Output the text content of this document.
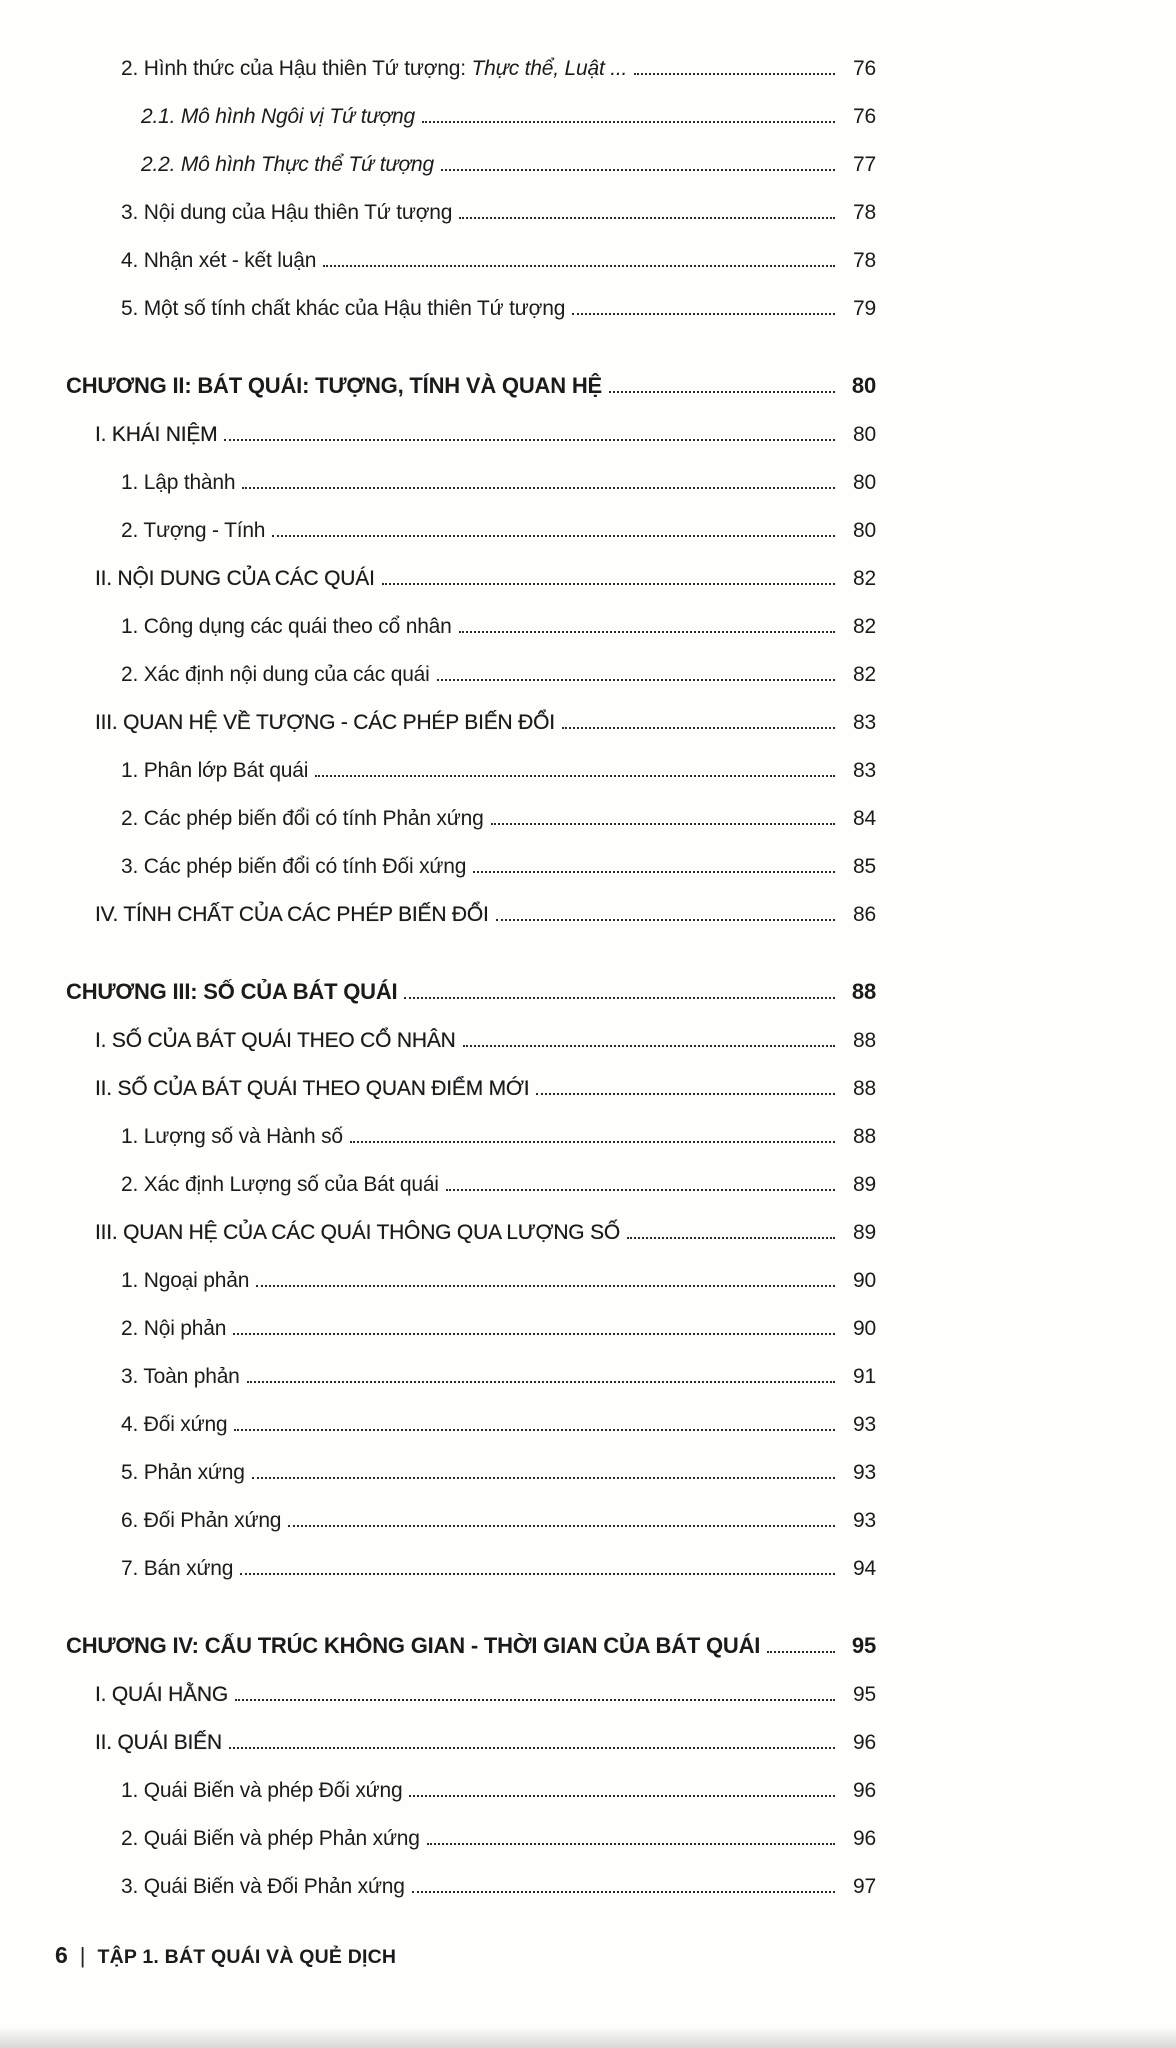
2. Hình thức của Hậu thiên Tứ tượng: Thực thể, Luật ...	76
2.1. Mô hình Ngôi vị Tứ tượng	76
2.2. Mô hình Thực thể Tứ tượng	77
3. Nội dung của Hậu thiên Tứ tượng	78
4. Nhận xét - kết luận	78
5. Một số tính chất khác của Hậu thiên Tứ tượng	79
CHƯƠNG II: BÁT QUÁI: TƯỢNG, TÍNH VÀ QUAN HỆ	80
I. KHÁI NIỆM	80
1. Lập thành	80
2. Tượng - Tính	80
II. NỘI DUNG CỦA CÁC QUÁI	82
1. Công dụng các quái theo cổ nhân	82
2. Xác định nội dung của các quái	82
III. QUAN HỆ VỀ TƯỢNG - CÁC PHÉP BIẾN ĐỔI	83
1. Phân lớp Bát quái	83
2. Các phép biến đổi có tính Phản xứng	84
3. Các phép biến đổi có tính Đối xứng	85
IV. TÍNH CHẤT CỦA CÁC PHÉP BIẾN ĐỔI	86
CHƯƠNG III: SỐ CỦA BÁT QUÁI	88
I. SỐ CỦA BÁT QUÁI THEO CỔ NHÂN	88
II. SỐ CỦA BÁT QUÁI THEO QUAN ĐIỂM MỚI	88
1. Lượng số và Hành số	88
2. Xác định Lượng số của Bát quái	89
III. QUAN HỆ CỦA CÁC QUÁI THÔNG QUA LƯỢNG SỐ	89
1. Ngoại phản	90
2. Nội phản	90
3. Toàn phản	91
4. Đối xứng	93
5. Phản xứng	93
6. Đối Phản xứng	93
7. Bán xứng	94
CHƯƠNG IV: CẤU TRÚC KHÔNG GIAN - THỜI GIAN CỦA BÁT QUÁI	95
I. QUÁI HẰNG	95
II. QUÁI BIẾN	96
1. Quái Biến và phép Đối xứng	96
2. Quái Biến và phép Phản xứng	96
3. Quái Biến và Đối Phản xứng	97
6 | TẬP 1. BÁT QUÁI VÀ QUẺ DỊCH
